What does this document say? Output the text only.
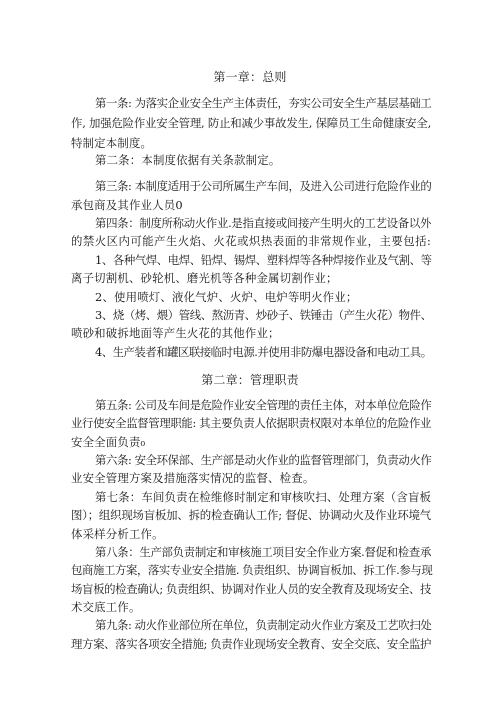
第一章：总则
第一条: 为落实企业安全生产主体责任，夯实公司安全生产基层基础工
作, 加强危险作业安全管理, 防止和减少事故发生, 保障员工生命健康安全,
特制定本制度。
第二条：本制度依据有关条款制定。
第三条: 本制度适用于公司所属生产车间，及进入公司进行危险作业的
承包商及其作业人员0
第四条：制度所称动火作业.是指直接或间接产生明火的工艺设备以外
的禁火区内可能产生火焰、火花或炽热表面的非常规作业，主要包括:
1、各种气焊、电焊、铅焊、锡焊、塑料焊等各种焊接作业及气割、等
离子切割机、砂轮机、磨光机等各种金属切割作业；
2、使用喷灯、液化气炉、火炉、电炉等明火作业；
3、烧（烤、煨）管线、熬沥青、炒砂子、铁锤击（产生火花）物件、
喷砂和破拆地面等产生火花的其他作业；
4、生产装者和罐区联接临时电源.并使用非防爆电器设备和电动工具。
第二章：管理职责
第五条: 公司及车间是危险作业安全管理的责任主体，对本单位危险作
业行使安全监督管理职能: 其主要负责人依据职责权限对本单位的危险作业
安全全面负责₀
第六条: 安全环保部、生产部是动火作业的监督管理部门，负责动火作
业安全管理方案及措施落实情况的监督、检查。
第七条：车间负责在检维修时制定和审核吹扫、处理方案（含盲板
图）；组织现场盲板加、拆的检查确认工作; 督促、协调动火及作业环境气
体采样分析工作。
第八条：生产部负责制定和审核施工项目安全作业方案.督促和检查承
包商施工方案，落实专业安全措施. 负责组织、协调盲板加、拆工作.参与现
场盲板的检查确认; 负责组织、协调对作业人员的安全教育及现场安全、技
术交底工作。
第九条: 动火作业部位所在单位，负责制定动火作业方案及工艺吹扫处
理方案、落实各项安全措施; 负责作业现场安全教育、安全交底、安全监护
